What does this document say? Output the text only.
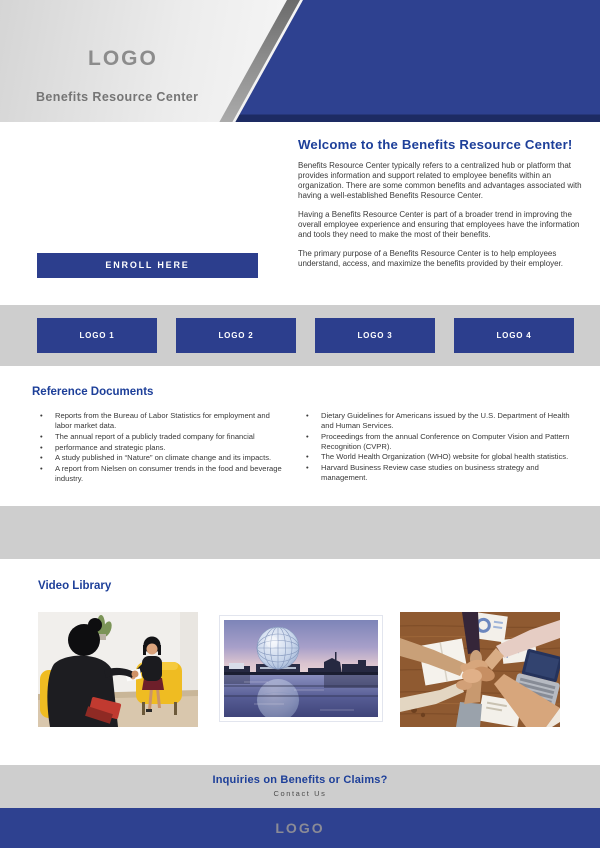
LOGO
Benefits Resource Center
Welcome to the Benefits Resource Center!

Benefits Resource Center typically refers to a centralized hub or platform that provides information and support related to employee benefits within an organization. There are some common benefits and advantages associated with having a well-established Benefits Resource Center.

Having a Benefits Resource Center is part of a broader trend in improving the overall employee experience and ensuring that employees have the information and tools they need to make the most of their benefits.

The primary purpose of a Benefits Resource Center is to help employees understand, access, and maximize the benefits provided by their employer.

ENROLL HERE
LOGO 1	LOGO 2	LOGO 3	LOGO 4
Reference Documents
• Reports from the Bureau of Labor Statistics for employment and labor market data.
• The annual report of a publicly traded company for financial
• performance and strategic plans.
• A study published in “Nature” on climate change and its impacts.
• A report from Nielsen on consumer trends in the food and beverage industry.
• Dietary Guidelines for Americans issued by the U.S. Department of Health and Human Services.
• Proceedings from the annual Conference on Computer Vision and Pattern Recognition (CVPR).
• The World Health Organization (WHO) website for global health statistics.
• Harvard Business Review case studies on business strategy and management.
Video Library
Inquiries on Benefits or Claims?
Contact Us
LOGO
